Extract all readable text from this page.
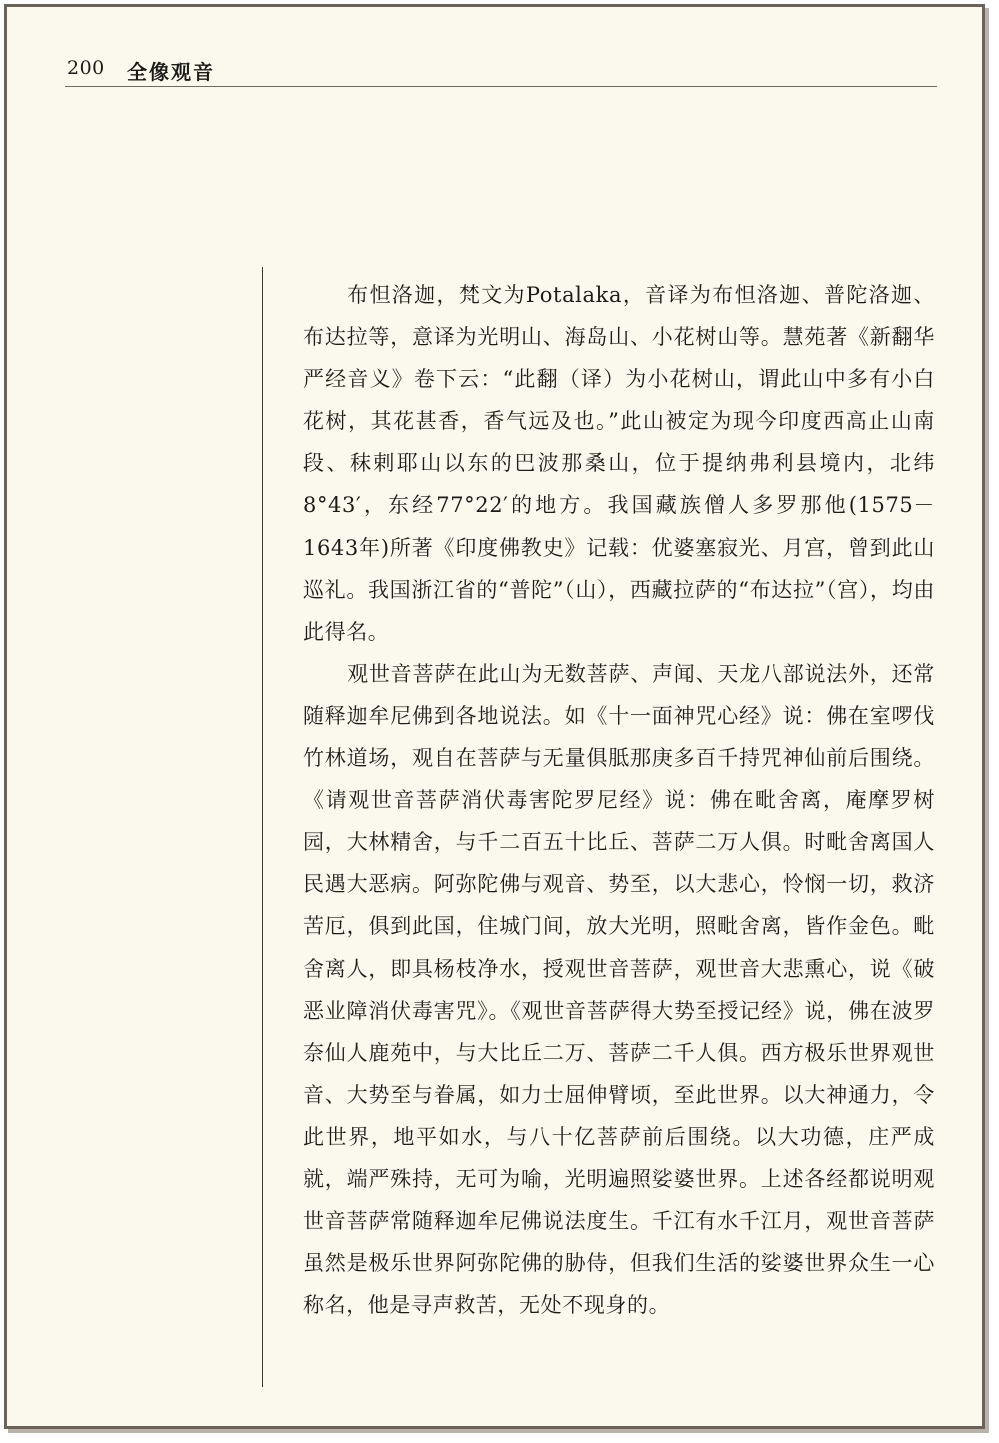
200 全像观音

布怛洛迦，梵文为Potalaka，音译为布怛洛迦、普陀洛迦、布达拉等，意译为光明山、海岛山、小花树山等。慧苑著《新翻华严经音义》卷下云：“此翻（译）为小花树山，谓此山中多有小白花树，其花甚香，香气远及也。”此山被定为现今印度西高止山南段、秣剌耶山以东的巴波那桑山，位于提纳弗利县境内，北纬8°43′，东经77°22′的地方。我国藏族僧人多罗那他(1575－1643年)所著《印度佛教史》记载：优婆塞寂光、月宫，曾到此山巡礼。我国浙江省的“普陀”（山），西藏拉萨的“布达拉”（宫），均由此得名。

观世音菩萨在此山为无数菩萨、声闻、天龙八部说法外，还常随释迦牟尼佛到各地说法。如《十一面神咒心经》说：佛在室啰伐竹林道场，观自在菩萨与无量俱胝那庚多百千持咒神仙前后围绕。《请观世音菩萨消伏毒害陀罗尼经》说：佛在毗舍离，庵摩罗树园，大林精舍，与千二百五十比丘、菩萨二万人俱。时毗舍离国人民遇大恶病。阿弥陀佛与观音、势至，以大悲心，怜悯一切，救济苦厄，俱到此国，住城门间，放大光明，照毗舍离，皆作金色。毗舍离人，即具杨枝净水，授观世音菩萨，观世音大悲熏心，说《破恶业障消伏毒害咒》。《观世音菩萨得大势至授记经》说，佛在波罗奈仙人鹿苑中，与大比丘二万、菩萨二千人俱。西方极乐世界观世音、大势至与眷属，如力士屈伸臂顷，至此世界。以大神通力，令此世界，地平如水，与八十亿菩萨前后围绕。以大功德，庄严成就，端严殊持，无可为喻，光明遍照娑婆世界。上述各经都说明观世音菩萨常随释迦牟尼佛说法度生。千江有水千江月，观世音菩萨虽然是极乐世界阿弥陀佛的胁侍，但我们生活的娑婆世界众生一心称名，他是寻声救苦，无处不现身的。
